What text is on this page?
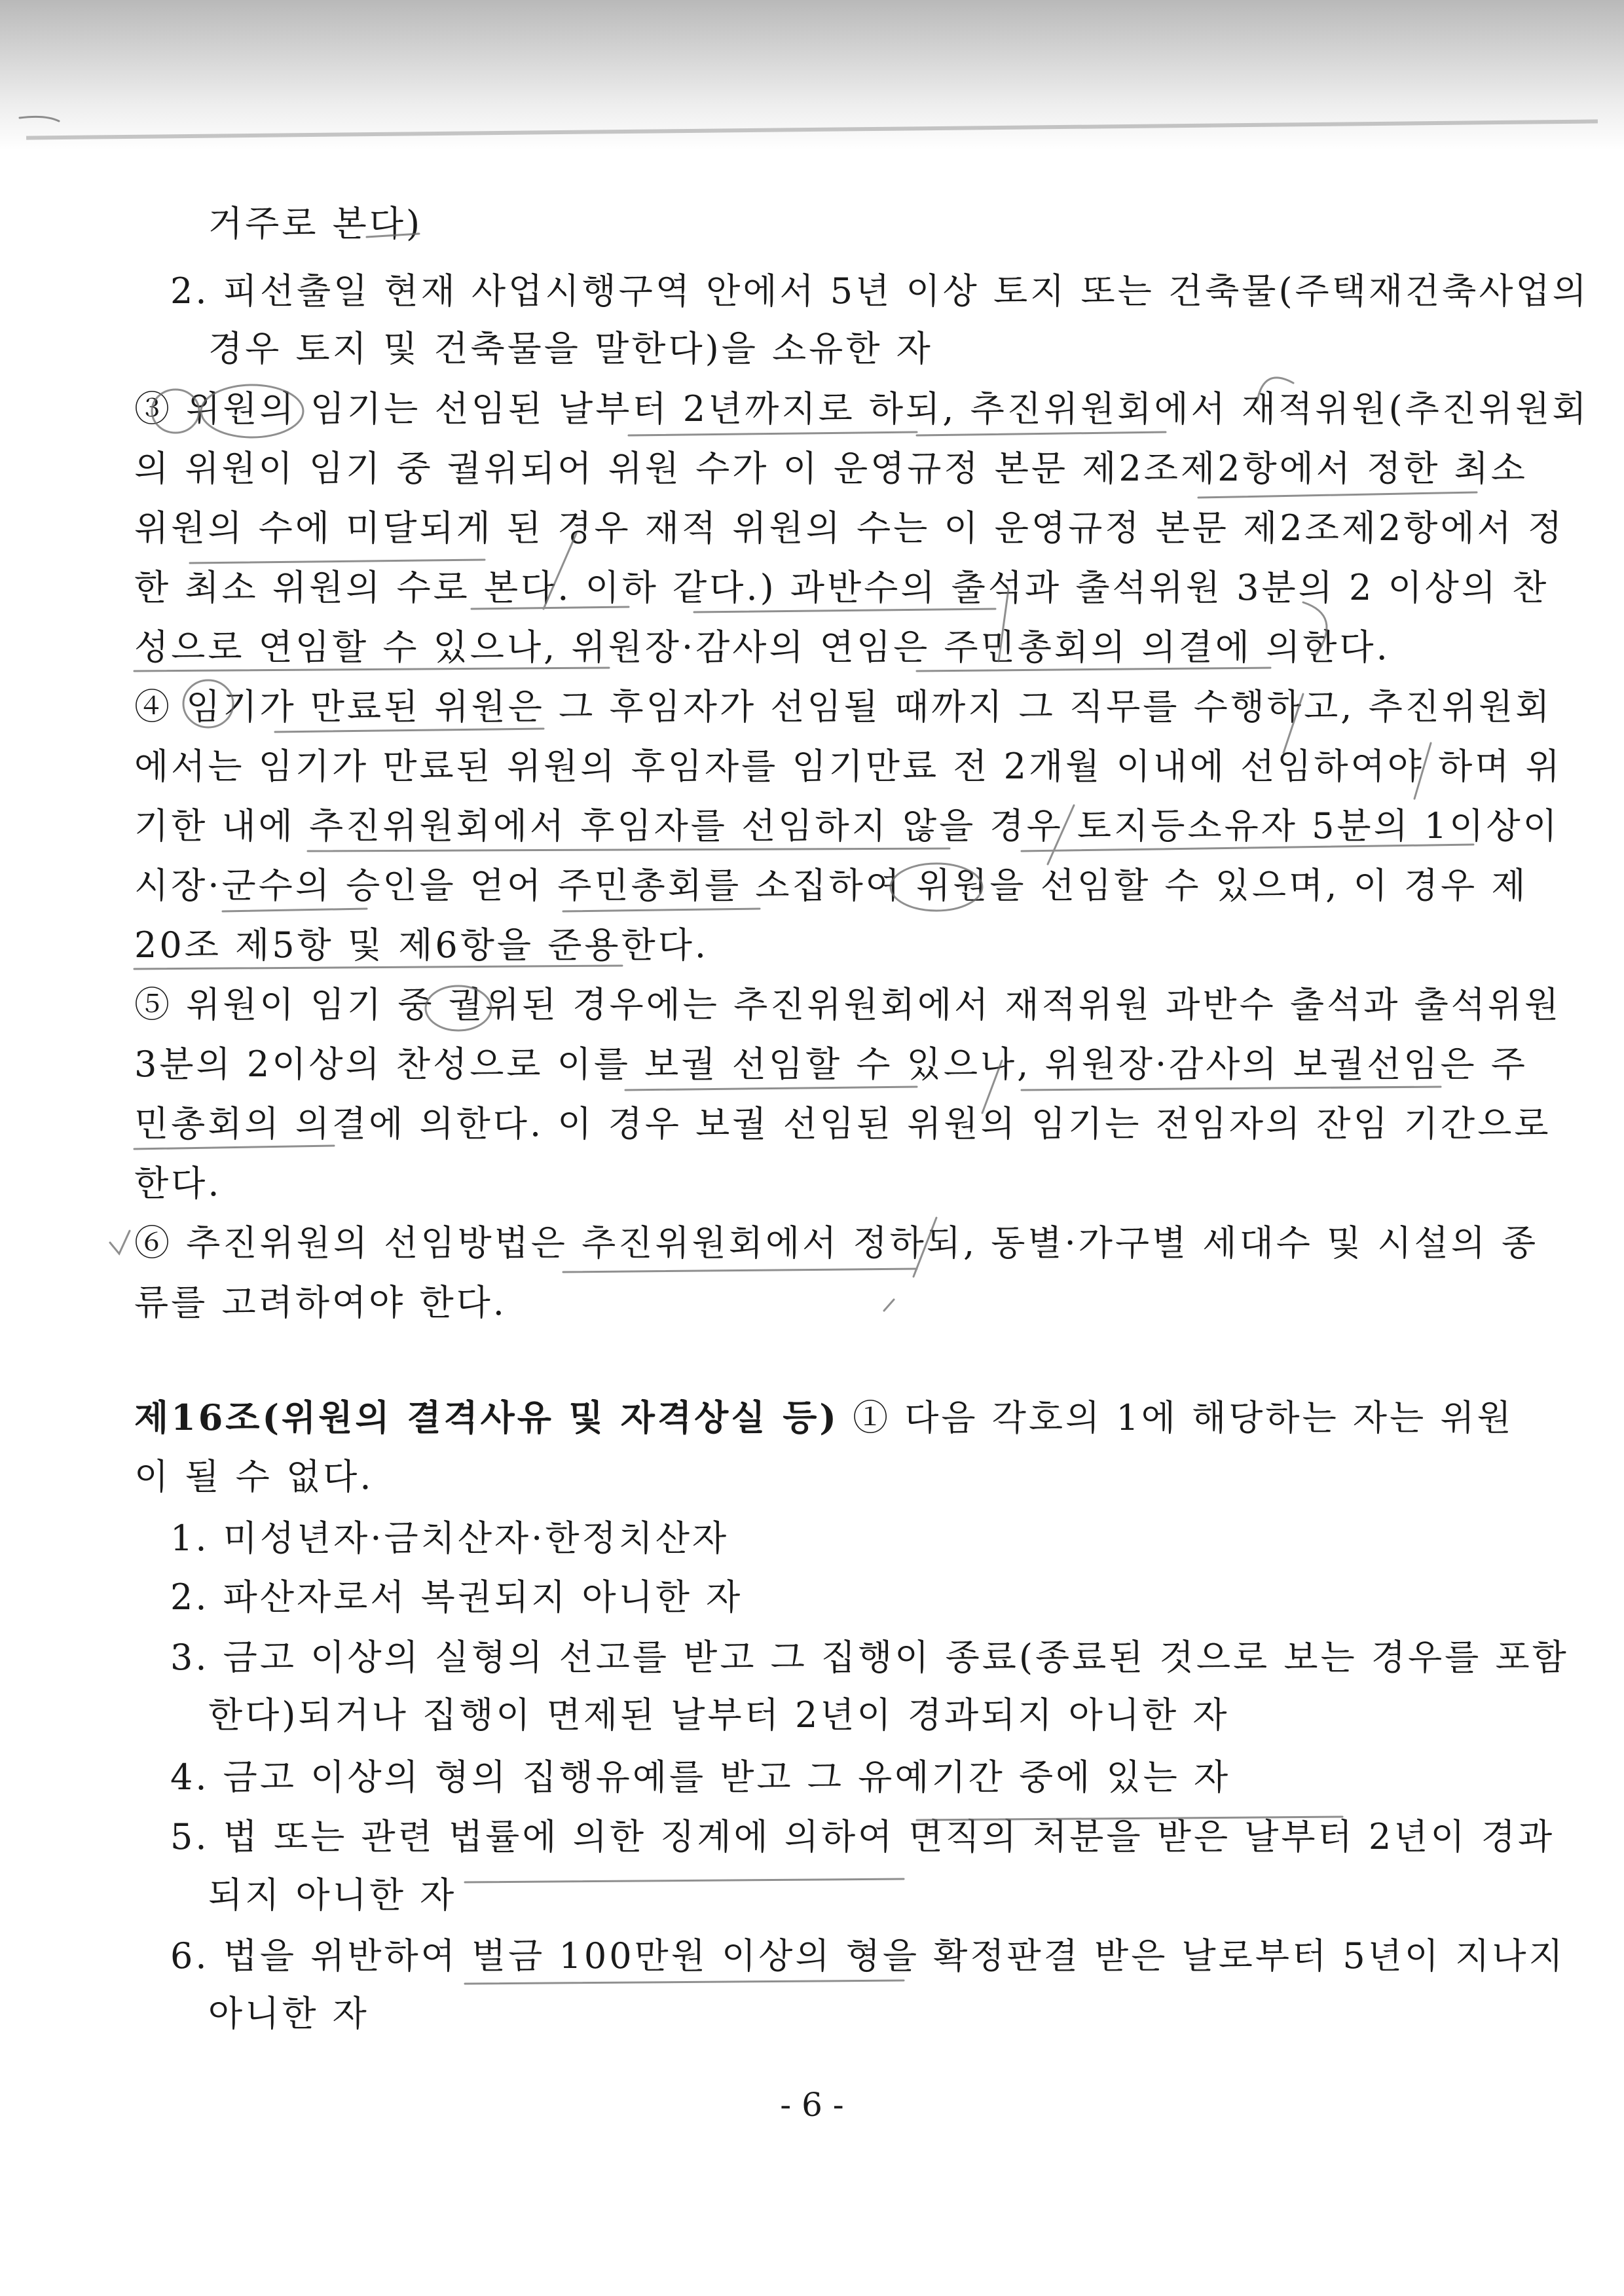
거주로 본다)
2. 피선출일 현재 사업시행구역 안에서 5년 이상 토지 또는 건축물(주택재건축사업의
경우 토지 및 건축물을 말한다)을 소유한 자
③ 위원의 임기는 선임된 날부터 2년까지로 하되, 추진위원회에서 재적위원(추진위원회
의 위원이 임기 중 궐위되어 위원 수가 이 운영규정 본문 제2조제2항에서 정한 최소
위원의 수에 미달되게 된 경우 재적 위원의 수는 이 운영규정 본문 제2조제2항에서 정
한 최소 위원의 수로 본다. 이하 같다.) 과반수의 출석과 출석위원 3분의 2 이상의 찬
성으로 연임할 수 있으나, 위원장·감사의 연임은 주민총회의 의결에 의한다.
④ 임기가 만료된 위원은 그 후임자가 선임될 때까지 그 직무를 수행하고, 추진위원회
에서는 임기가 만료된 위원의 후임자를 임기만료 전 2개월 이내에 선임하여야 하며 위
기한 내에 추진위원회에서 후임자를 선임하지 않을 경우 토지등소유자 5분의 1이상이
시장·군수의 승인을 얻어 주민총회를 소집하여 위원을 선임할 수 있으며, 이 경우 제
20조 제5항 및 제6항을 준용한다.
⑤ 위원이 임기 중 궐위된 경우에는 추진위원회에서 재적위원 과반수 출석과 출석위원
3분의 2이상의 찬성으로 이를 보궐 선임할 수 있으나, 위원장·감사의 보궐선임은 주
민총회의 의결에 의한다. 이 경우 보궐 선임된 위원의 임기는 전임자의 잔임 기간으로
한다.
⑥ 추진위원의 선임방법은 추진위원회에서 정하되, 동별·가구별 세대수 및 시설의 종
류를 고려하여야 한다.
제16조(위원의 결격사유 및 자격상실 등) ① 다음 각호의 1에 해당하는 자는 위원
이 될 수 없다.
1. 미성년자·금치산자·한정치산자
2. 파산자로서 복권되지 아니한 자
3. 금고 이상의 실형의 선고를 받고 그 집행이 종료(종료된 것으로 보는 경우를 포함
한다)되거나 집행이 면제된 날부터 2년이 경과되지 아니한 자
4. 금고 이상의 형의 집행유예를 받고 그 유예기간 중에 있는 자
5. 법 또는 관련 법률에 의한 징계에 의하여 면직의 처분을 받은 날부터 2년이 경과
되지 아니한 자
6. 법을 위반하여 벌금 100만원 이상의 형을 확정판결 받은 날로부터 5년이 지나지
아니한 자
- 6 -
